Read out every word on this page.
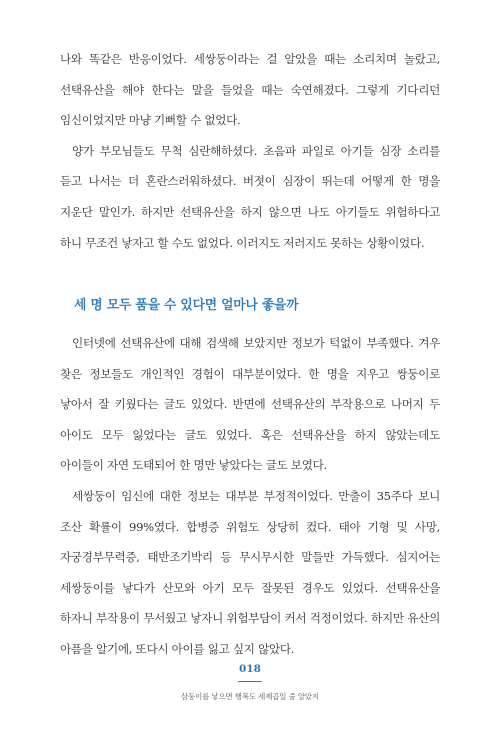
나와 똑같은 반응이었다. 세쌍둥이라는 걸 알았을 때는 소리치며 놀랐고, 선택유산을 해야 한다는 말을 들었을 때는 숙연해졌다. 그렇게 기다리던 임신이었지만 마냥 기뻐할 수 없었다.

양가 부모님들도 무척 심란해하셨다. 초음파 파일로 아기들 심장 소리를 듣고 나서는 더 혼란스러워하셨다. 버젓이 심장이 뛰는데 어떻게 한 명을 지운단 말인가. 하지만 선택유산을 하지 않으면 나도 아기들도 위험하다고 하니 무조건 낳자고 할 수도 없었다. 이러지도 저러지도 못하는 상황이었다.

세 명 모두 품을 수 있다면 얼마나 좋을까

인터넷에 선택유산에 대해 검색해 보았지만 정보가 턱없이 부족했다. 겨우 찾은 정보들도 개인적인 경험이 대부분이었다. 한 명을 지우고 쌍둥이로 낳아서 잘 키웠다는 글도 있었다. 반면에 선택유산의 부작용으로 나머지 두 아이도 모두 잃었다는 글도 있었다. 혹은 선택유산을 하지 않았는데도 아이들이 자연 도태되어 한 명만 낳았다는 글도 보였다.

세쌍둥이 임신에 대한 정보는 대부분 부정적이었다. 만출이 35주다 보니 조산 확률이 99%였다. 합병증 위험도 상당히 컸다. 태아 기형 및 사망, 자궁경부무력증, 태반조기박리 등 무시무시한 말들만 가득했다. 심지어는 세쌍둥이를 낳다가 산모와 아기 모두 잘못된 경우도 있었다. 선택유산을 하자니 부작용이 무서웠고 낳자니 위험부담이 커서 걱정이었다. 하지만 유산의 아픔을 알기에, 또다시 아이를 잃고 싶지 않았다.

018
삼둥이를 낳으면 행복도 세제곱일 줄 알았지
